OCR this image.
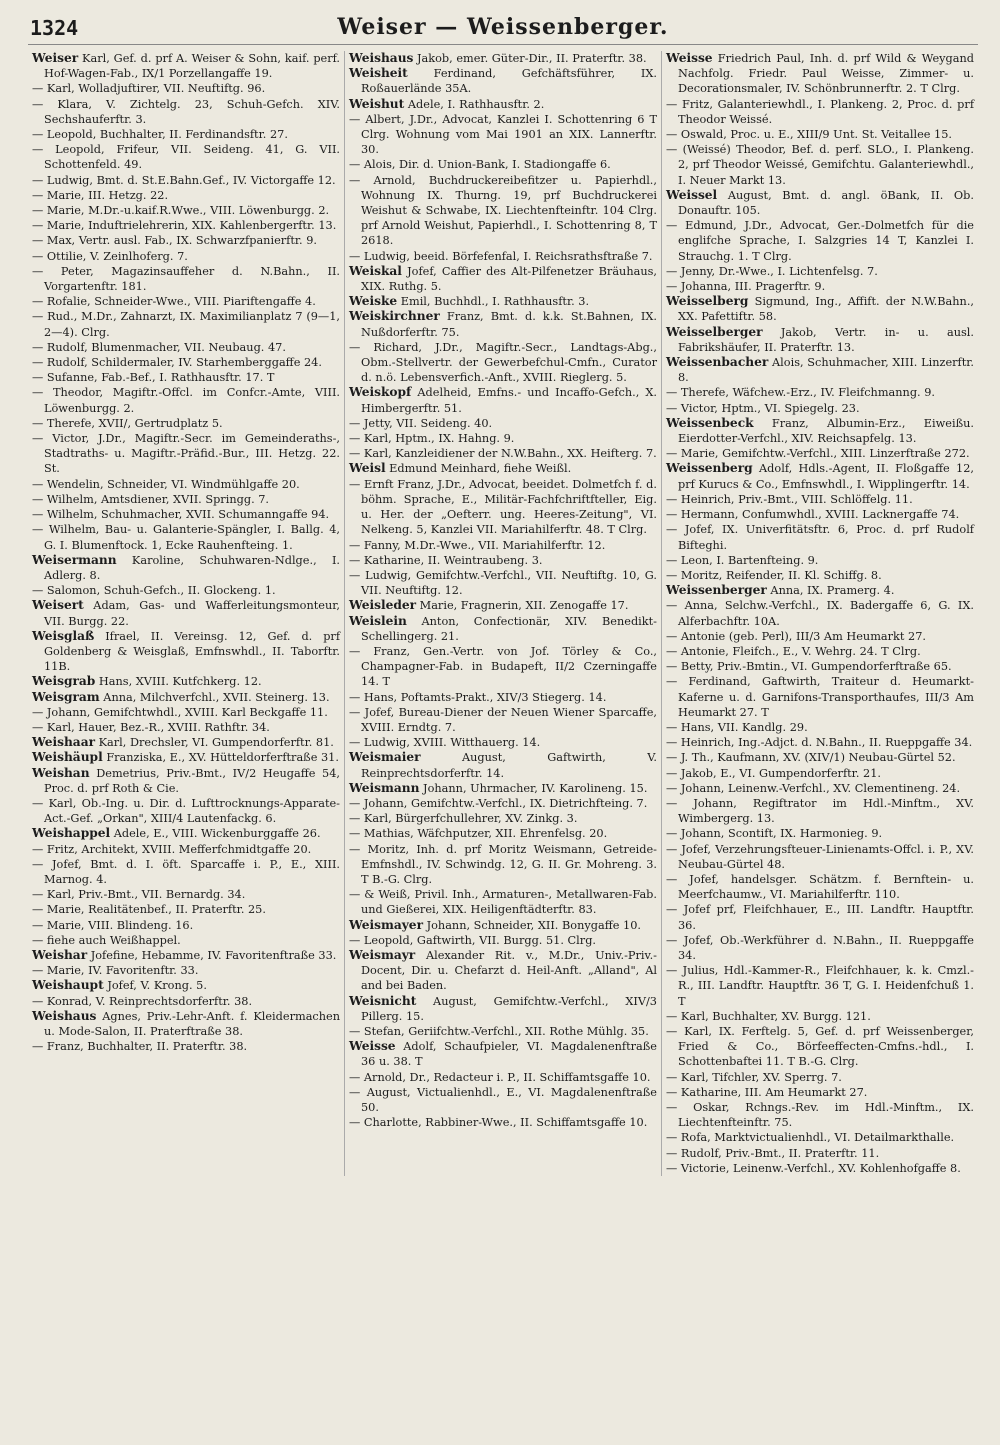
1324	Weiser — Weissenberger.

Weiser Karl, Gef. d. prf A. Weiser & Sohn, kaif. perf. Hof-Wagen-Fab., IX/1 Porzellangaffe 19.

— Karl, Wolladjuftirer, VII. Neuftiftg. 96.

— Klara, V. Zichtelg. 23, Schuh-Gefch. XIV. Sechshauferftr. 3.

— Leopold, Buchhalter, II. Ferdinandsftr. 27.

— Leopold, Frifeur, VII. Seideng. 41, G. VII. Schottenfeld. 49.

— Ludwig, Bmt. d. St.E.Bahn.Gef., IV. Victorgaffe 12.

— Marie, III. Hetzg. 22.

— Marie, M.Dr.-u.kaif.R.Wwe., VIII. Löwenburgg. 2.

— Marie, Induftrielehrerin, XIX. Kahlenbergerftr. 13.

— Max, Vertr. ausl. Fab., IX. Schwarzfpanierftr. 9.

— Ottilie, V. Zeinlhoferg. 7.

— Peter, Magazinsauffeher d. N.Bahn., II. Vorgartenftr. 181.

— Rofalie, Schneider-Wwe., VIII. Piariftengaffe 4.

— Rud., M.Dr., Zahnarzt, IX. Maximilianplatz 7 (9—1, 2—4). Clrg.

— Rudolf, Blumenmacher, VII. Neubaug. 47.

— Rudolf, Schildermaler, IV. Starhemberggaffe 24.

— Sufanne, Fab.-Bef., I. Rathhausftr. 17. T

— Theodor, Magiftr.-Offcl. im Confcr.-Amte, VIII. Löwenburgg. 2.

— Therefe, XVII/, Gertrudplatz 5.

— Victor, J.Dr., Magiftr.-Secr. im Gemeinderaths-, Stadtraths- u. Magiftr.-Präfid.-Bur., III. Hetzg. 22. St.

— Wendelin, Schneider, VI. Windmühlgaffe 20.

— Wilhelm, Amtsdiener, XVII. Springg. 7.

— Wilhelm, Schuhmacher, XVII. Schumanngaffe 94.

— Wilhelm, Bau- u. Galanterie-Spängler, I. Ballg. 4, G. I. Blumenftock. 1, Ecke Rauhenfteing. 1.

Weisermann Karoline, Schuhwaren-Ndlge., I. Adlerg. 8.

— Salomon, Schuh-Gefch., II. Glockeng. 1.

Weisert Adam, Gas- und Wafferleitungsmonteur, VII. Burgg. 22.

Weisglaß Ifrael, II. Vereinsg. 12, Gef. d. prf Goldenberg & Weisglaß, Emfnswhdl., II. Taborftr. 11B.

Weisgrab Hans, XVIII. Kutfchkerg. 12.

Weisgram Anna, Milchverfchl., XVII. Steinerg. 13.

— Johann, Gemifchtwhdl., XVIII. Karl Beckgaffe 11.

— Karl, Hauer, Bez.-R., XVIII. Rathftr. 34.

Weishaar Karl, Drechsler, VI. Gumpendorferftr. 81.

Weishäupl Franziska, E., XV. Hütteldorferftraße 31.

Weishan Demetrius, Priv.-Bmt., IV/2 Heugaffe 54, Proc. d. prf Roth & Cie.

— Karl, Ob.-Ing. u. Dir. d. Lufttrocknungs-Apparate-Act.-Gef. „Orkan", XIII/4 Lautenfackg. 6.

Weishappel Adele, E., VIII. Wickenburggaffe 26.

— Fritz, Architekt, XVIII. Mefferfchmidtgaffe 20.

— Jofef, Bmt. d. I. öft. Sparcaffe i. P., E., XIII. Marnog. 4.

— Karl, Priv.-Bmt., VII. Bernardg. 34.

— Marie, Realitätenbef., II. Praterftr. 25.

— Marie, VIII. Blindeng. 16.

— fiehe auch Weißhappel.

Weishar Jofefine, Hebamme, IV. Favoritenftraße 33.

— Marie, IV. Favoritenftr. 33.

Weishaupt Jofef, V. Krong. 5.

— Konrad, V. Reinprechtsdorferftr. 38.

Weishaus Agnes, Priv.-Lehr-Anft. f. Kleidermachen u. Mode-Salon, II. Praterftraße 38.

— Franz, Buchhalter, II. Praterftr. 38.

Weishaus Jakob, emer. Güter-Dir., II. Praterftr. 38.

Weisheit Ferdinand, Gefchäftsführer, IX. Roßauerlände 35A.

Weishut Adele, I. Rathhausftr. 2.

— Albert, J.Dr., Advocat, Kanzlei I. Schottenring 6 T Clrg. Wohnung vom Mai 1901 an XIX. Lannerftr. 30.

— Alois, Dir. d. Union-Bank, I. Stadiongaffe 6.

— Arnold, Buchdruckereibefitzer u. Papierhdl., Wohnung IX. Thurng. 19, prf Buchdruckerei Weishut & Schwabe, IX. Liechtenfteinftr. 104 Clrg. prf Arnold Weishut, Papierhdl., I. Schottenring 8, T 2618.

— Ludwig, beeid. Börfefenfal, I. Reichsrathsftraße 7.

Weiskal Jofef, Caffier des Alt-Pilfenetzer Bräuhaus, XIX. Ruthg. 5.

Weiske Emil, Buchhdl., I. Rathhausftr. 3.

Weiskirchner Franz, Bmt. d. k.k. St.Bahnen, IX. Nußdorferftr. 75.

— Richard, J.Dr., Magiftr.-Secr., Landtags-Abg., Obm.-Stellvertr. der Gewerbefchul-Cmfn., Curator d. n.ö. Lebensverfich.-Anft., XVIII. Rieglerg. 5.

Weiskopf Adelheid, Emfns.- und Incaffo-Gefch., X. Himbergerftr. 51.

— Jetty, VII. Seideng. 40.

— Karl, Hptm., IX. Hahng. 9.

— Karl, Kanzleidiener der N.W.Bahn., XX. Heifterg. 7.

Weisl Edmund Meinhard, fiehe Weißl.

— Ernft Franz, J.Dr., Advocat, beeidet. Dolmetfch f. d. böhm. Sprache, E., Militär-Fachfchriftfteller, Eig. u. Her. der „Oefterr. ung. Heeres-Zeitung", VI. Nelkeng. 5, Kanzlei VII. Mariahilferftr. 48. T Clrg.

— Fanny, M.Dr.-Wwe., VII. Mariahilferftr. 12.

— Katharine, II. Weintraubeng. 3.

— Ludwig, Gemifchtw.-Verfchl., VII. Neuftiftg. 10, G. VII. Neuftiftg. 12.

Weisleder Marie, Fragnerin, XII. Zenogaffe 17.

Weislein Anton, Confectionär, XIV. Benedikt-Schellingerg. 21.

— Franz, Gen.-Vertr. von Jof. Törley & Co., Champagner-Fab. in Budapeft, II/2 Czerningaffe 14. T

— Hans, Poftamts-Prakt., XIV/3 Stiegerg. 14.

— Jofef, Bureau-Diener der Neuen Wiener Sparcaffe, XVIII. Erndtg. 7.

— Ludwig, XVIII. Witthauerg. 14.

Weismaier	August, Gaftwirth, V. Reinprechtsdorferftr. 14.

Weismann Johann, Uhrmacher, IV. Karolineng. 15.

— Johann, Gemifchtw.-Verfchl., IX. Dietrichfteing. 7.

— Karl, Bürgerfchullehrer, XV. Zinkg. 3.

— Mathias, Wäfchputzer, XII. Ehrenfelsg. 20.

— Moritz, Inh. d. prf Moritz Weismann, Getreide-Emfnshdl., IV. Schwindg. 12, G. II. Gr. Mohreng. 3. T B.-G. Clrg.

— & Weiß, Privil. Inh., Armaturen-, Metallwaren-Fab. und Gießerei, XIX. Heiligenftädterftr. 83.

Weismayer Johann, Schneider, XII. Bonygaffe 10.

— Leopold, Gaftwirth, VII. Burgg. 51. Clrg.

Weismayr Alexander Rit. v., M.Dr., Univ.-Priv.-Docent, Dir. u. Chefarzt d. Heil-Anft. „Alland", Al and bei Baden.

Weisnicht August, Gemifchtw.-Verfchl., XIV/3 Pillerg. 15.

— Stefan, Geriifchtw.-Verfchl., XII. Rothe Mühlg. 35.

Weisse Adolf, Schaufpieler, VI. Magdalenenftraße 36 u. 38. T

— Arnold, Dr., Redacteur i. P., II. Schiffamtsgaffe 10.

— August, Victualienhdl., E., VI. Magdalenenftraße 50.

— Charlotte, Rabbiner-Wwe., II. Schiffamtsgaffe 10.

Weisse Friedrich Paul, Inh. d. prf Wild & Weygand Nachfolg. Friedr. Paul Weisse, Zimmer- u. Decorationsmaler, IV. Schönbrunnerftr. 2. T Clrg.

— Fritz, Galanteriewhdl., I. Plankeng. 2, Proc. d. prf Theodor Weissé.

— Oswald, Proc. u. E., XIII/9 Unt. St. Veitallee 15.

— (Weissé) Theodor, Bef. d. perf. SLO., I. Plankeng. 2, prf Theodor Weissé, Gemifchtu. Galanteriewhdl., I. Neuer Markt 13.

Weissel August, Bmt. d. angl. öBank, II. Ob. Donauftr. 105.

— Edmund, J.Dr., Advocat, Ger.-Dolmetfch für die englifche Sprache, I. Salzgries 14 T, Kanzlei I. Strauchg. 1. T Clrg.

— Jenny, Dr.-Wwe., I. Lichtenfelsg. 7.

— Johanna, III. Pragerftr. 9.

Weisselberg Sigmund, Ing., Affift. der N.W.Bahn., XX. Pafettiftr. 58.

Weisselberger Jakob, Vertr. in- u. ausl. Fabrikshäufer, II. Praterftr. 13.

Weissenbacher Alois, Schuhmacher, XIII. Linzerftr. 8.

— Therefe, Wäfchew.-Erz., IV. Fleifchmanng. 9.

— Victor, Hptm., VI. Spiegelg. 23.

Weissenbeck Franz, Albumin-Erz., Eiweißu. Eierdotter-Verfchl., XIV. Reichsapfelg. 13.

— Marie, Gemifchtw.-Verfchl., XIII. Linzerftraße 272.

Weissenberg Adolf, Hdls.-Agent, II. Floßgaffe 12, prf Kurucs & Co., Emfnswhdl., I. Wipplingerftr. 14.

— Heinrich, Priv.-Bmt., VIII. Schlöffelg. 11.

— Hermann, Confumwhdl., XVIII. Lacknergaffe 74.

— Jofef, IX. Univerfitätsftr. 6, Proc. d. prf Rudolf Bifteghi.

— Leon, I. Bartenfteing. 9.

— Moritz, Reifender, II. Kl. Schiffg. 8.

Weissenberger Anna, IX. Pramerg. 4.

— Anna, Selchw.-Verfchl., IX. Badergaffe 6, G. IX. Alferbachftr. 10A.

— Antonie (geb. Perl), III/3 Am Heumarkt 27.

— Antonie, Fleifch., E., V. Wehrg. 24. T Clrg.

— Betty, Priv.-Bmtin., VI. Gumpendorferftraße 65.

— Ferdinand, Gaftwirth, Traiteur d. Heumarkt-Kaferne u. d. Garnifons-Transporthaufes, III/3 Am Heumarkt 27. T

— Hans, VII. Kandlg. 29.

— Heinrich, Ing.-Adjct. d. N.Bahn., II. Rueppgaffe 34.

— J. Th., Kaufmann, XV. (XIV/1) Neubau-Gürtel 52.

— Jakob, E., VI. Gumpendorferftr. 21.

— Johann, Leinenw.-Verfchl., XV. Clementineng. 24.

— Johann, Regiftrator im Hdl.-Minftm., XV. Wimbergerg. 13.

— Johann, Scontift, IX. Harmonieg. 9.

— Jofef, Verzehrungsfteuer-Linienamts-Offcl. i. P., XV. Neubau-Gürtel 48.

— Jofef, handelsger. Schätzm. f. Bernftein- u. Meerfchaumw., VI. Mariahilferftr. 110.

— Jofef prf, Fleifchhauer, E., III. Landftr. Hauptftr. 36.

— Jofef, Ob.-Werkführer d. N.Bahn., II. Rueppgaffe 34.

— Julius, Hdl.-Kammer-R., Fleifchhauer, k. k. Cmzl.-R., III. Landftr. Hauptftr. 36 T, G. I. Heidenfchuß 1. T

— Karl, Buchhalter, XV. Burgg. 121.

— Karl, IX. Ferftelg. 5, Gef. d. prf Weissenberger, Fried & Co., Börfeeffecten-Cmfns.-hdl., I. Schottenbaftei 11. T B.-G. Clrg.

— Karl, Tifchler, XV. Sperrg. 7.

— Katharine, III. Am Heumarkt 27.

— Oskar, Rchngs.-Rev. im Hdl.-Minftm., IX. Liechtenfteinftr. 75.

— Rofa, Marktvictualienhdl., VI. Detailmarkthalle.

— Rudolf, Priv.-Bmt., II. Praterftr. 11.

— Victorie, Leinenw.-Verfchl., XV. Kohlenhofgaffe 8.
